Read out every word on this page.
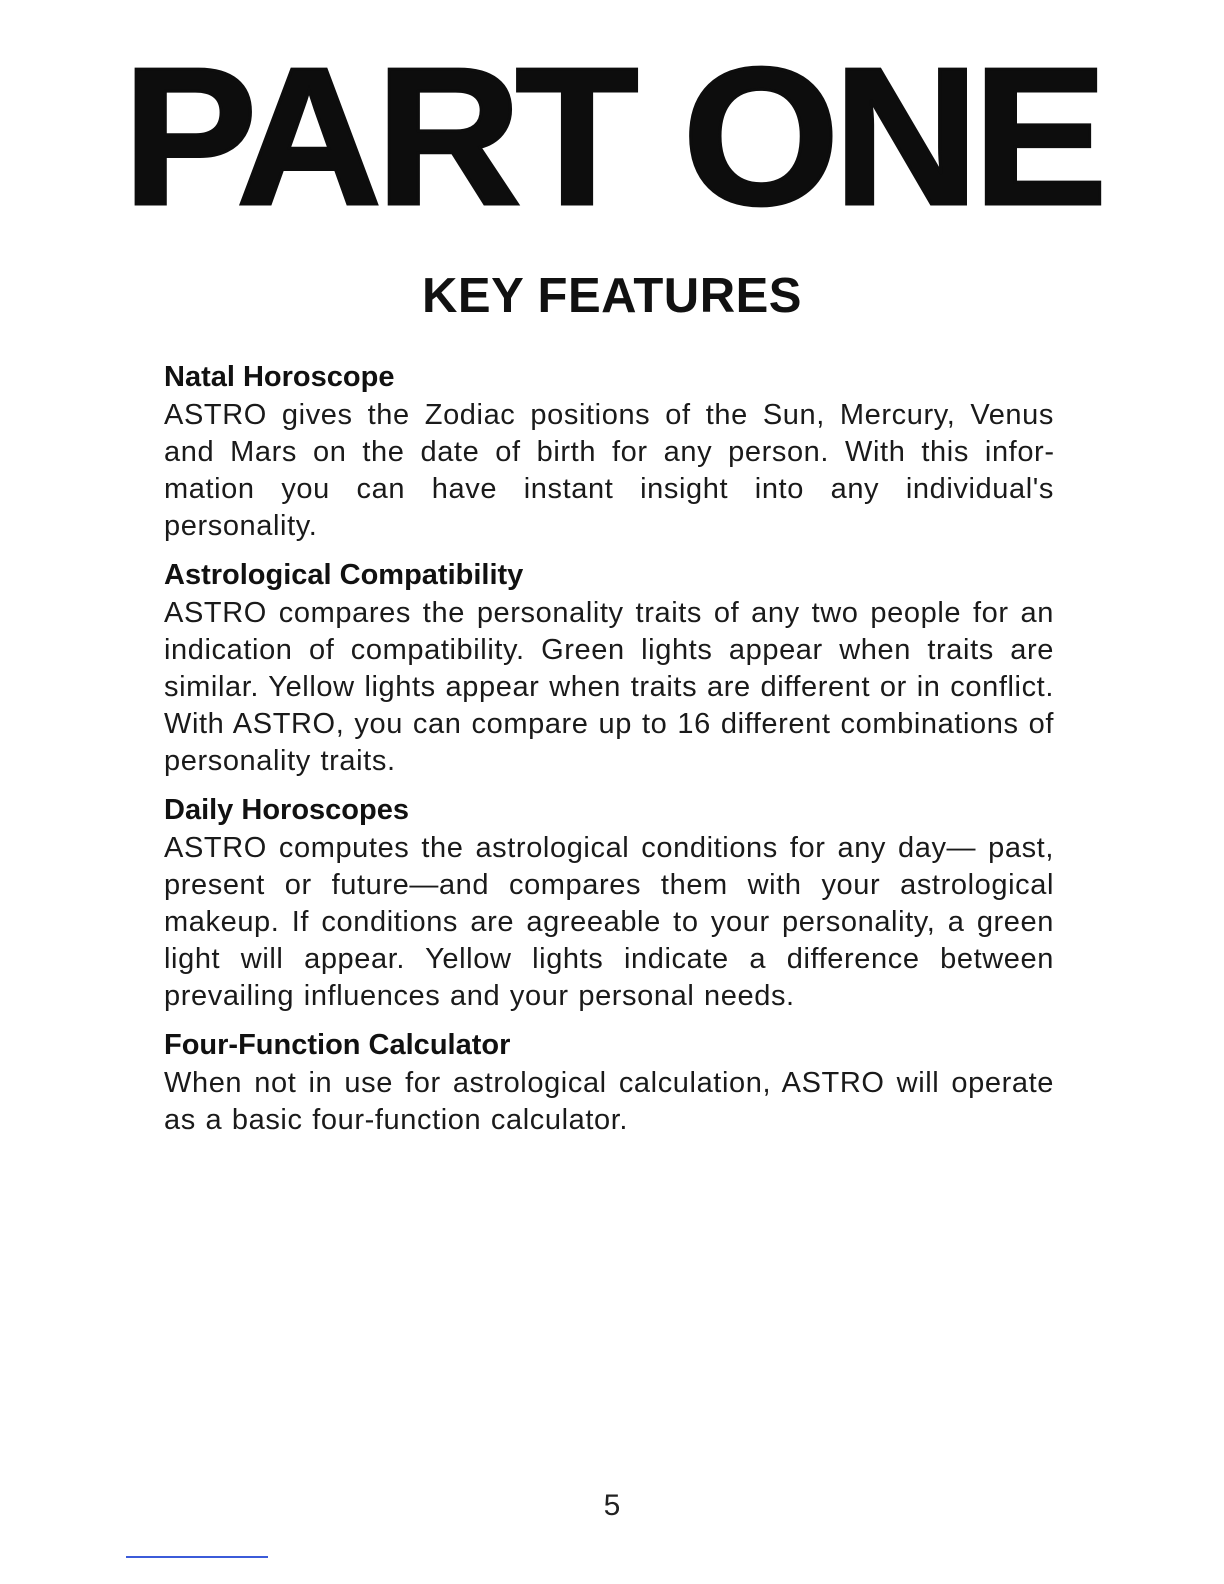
PART ONE
KEY FEATURES
Natal Horoscope

ASTRO gives the Zodiac positions of the Sun, Mercury, Venus and Mars on the date of birth for any person. With this information you can have instant insight into any individual's personality.

Astrological Compatibility

ASTRO compares the personality traits of any two people for an indication of compatibility. Green lights appear when traits are similar. Yellow lights appear when traits are different or in conflict. With ASTRO, you can compare up to 16 different combinations of personality traits.

Daily Horoscopes

ASTRO computes the astrological conditions for any day— past, present or future—and compares them with your astrological makeup. If conditions are agreeable to your personality, a green light will appear. Yellow lights indicate a difference between prevailing influences and your personal needs.

Four-Function Calculator

When not in use for astrological calculation, ASTRO will operate as a basic four-function calculator.

5
